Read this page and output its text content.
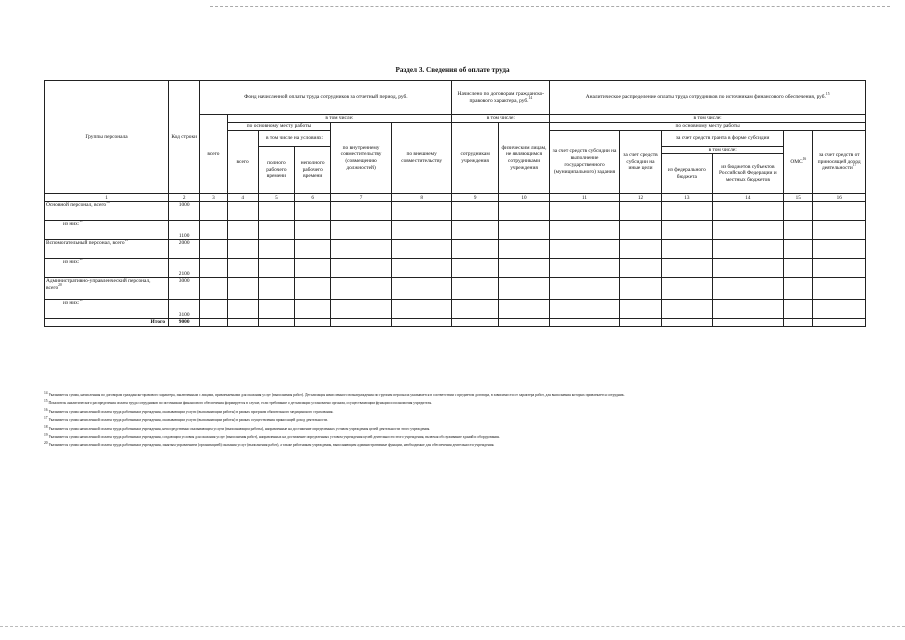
Раздел 3. Сведения об оплате труда
Группы персонала	Код строки	Фонд начисленной оплаты труда сотрудников за отчетный период, руб.						Начислено по договорам гражданско-правового характера, руб.$^{14}$		Аналитическое распределение оплаты труда сотрудников по источникам финансового обеспечения, руб.$^{15}$
		всего	в том числе:					в том числе:		в том числе:					
			по основному месту работы			по внутреннему совместительству (совмещению должностей)	по внешнему совместительству	сотрудникам учреждения	физическим лицам, не являющимся сотрудниками учреждения	по основному месту работы					
			всего	в том числе на условиях:						за счет средств субсидии на выполнение государственного (муниципального) задания	за счет средств субсидии на иные цели	за счет средств гранта в форме субсидии		ОМС$^{16}$	за счет средств от приносящей доход деятельности$^{17}$
				полного рабочего времени	неполного рабочего времени							в том числе:			
												из федерального бюджета	из бюджетов субъектов Российской Федерации и местных бюджетов		
1	2	3	4	5	6	7	8	9	10	11	12	13	14	15	16
Основной персонал, всего$^{18}$	1000														
из них:$^{11}$	1100														
Вспомогательный персонал, всего$^{19}$	2000														
из них:$^{11}$	2100														
Административно-управленческий персонал, всего$^{20}$	3000														
из них:$^{11}$	3100														
Итого	9000														
$^{14}$ Указывается сумма, начисленная по договорам гражданско-правового характера, заключенным с лицами, привлекаемыми для оказания услуг (выполнения работ). Детализация начисленного вознаграждения по группам персонала указывается в соответствии с предметом договора, в зависимости от характера работ, для выполнения которых привлекается сотрудник.
$^{15}$ Показатель аналитического распределения оплаты труда сотрудников по источникам финансового обеспечения формируется в случае, если требование о детализации установлено органом, осуществляющим функции и полномочия учредителя.
$^{16}$ Указывается сумма начисленной оплаты труда работникам учреждения, оказывающим услуги (выполняющим работы) в рамках программ обязательного медицинского страхования.
$^{17}$ Указывается сумма начисленной оплаты труда работникам учреждения, оказывающим услуги (выполняющим работы) в рамках осуществления приносящей доход деятельности.
$^{18}$ Указывается сумма начисленной оплаты труда работникам учреждения, непосредственно оказывающим услуги (выполняющим работы), направленные на достижение определенных уставом учреждения целей деятельности этого учреждения.
$^{19}$ Указывается сумма начисленной оплаты труда работникам учреждения, создающим условия для оказания услуг (выполнения работ), направленных на достижение определенных уставом учреждения целей деятельности этого учреждения, включая обслуживание зданий и оборудования.
$^{20}$ Указывается сумма начисленной оплаты труда работникам учреждения, занятым управлением (организацией) оказания услуг (выполнения работ), а также работникам учреждения, выполняющим административные функции, необходимые для обеспечения деятельности учреждения.
